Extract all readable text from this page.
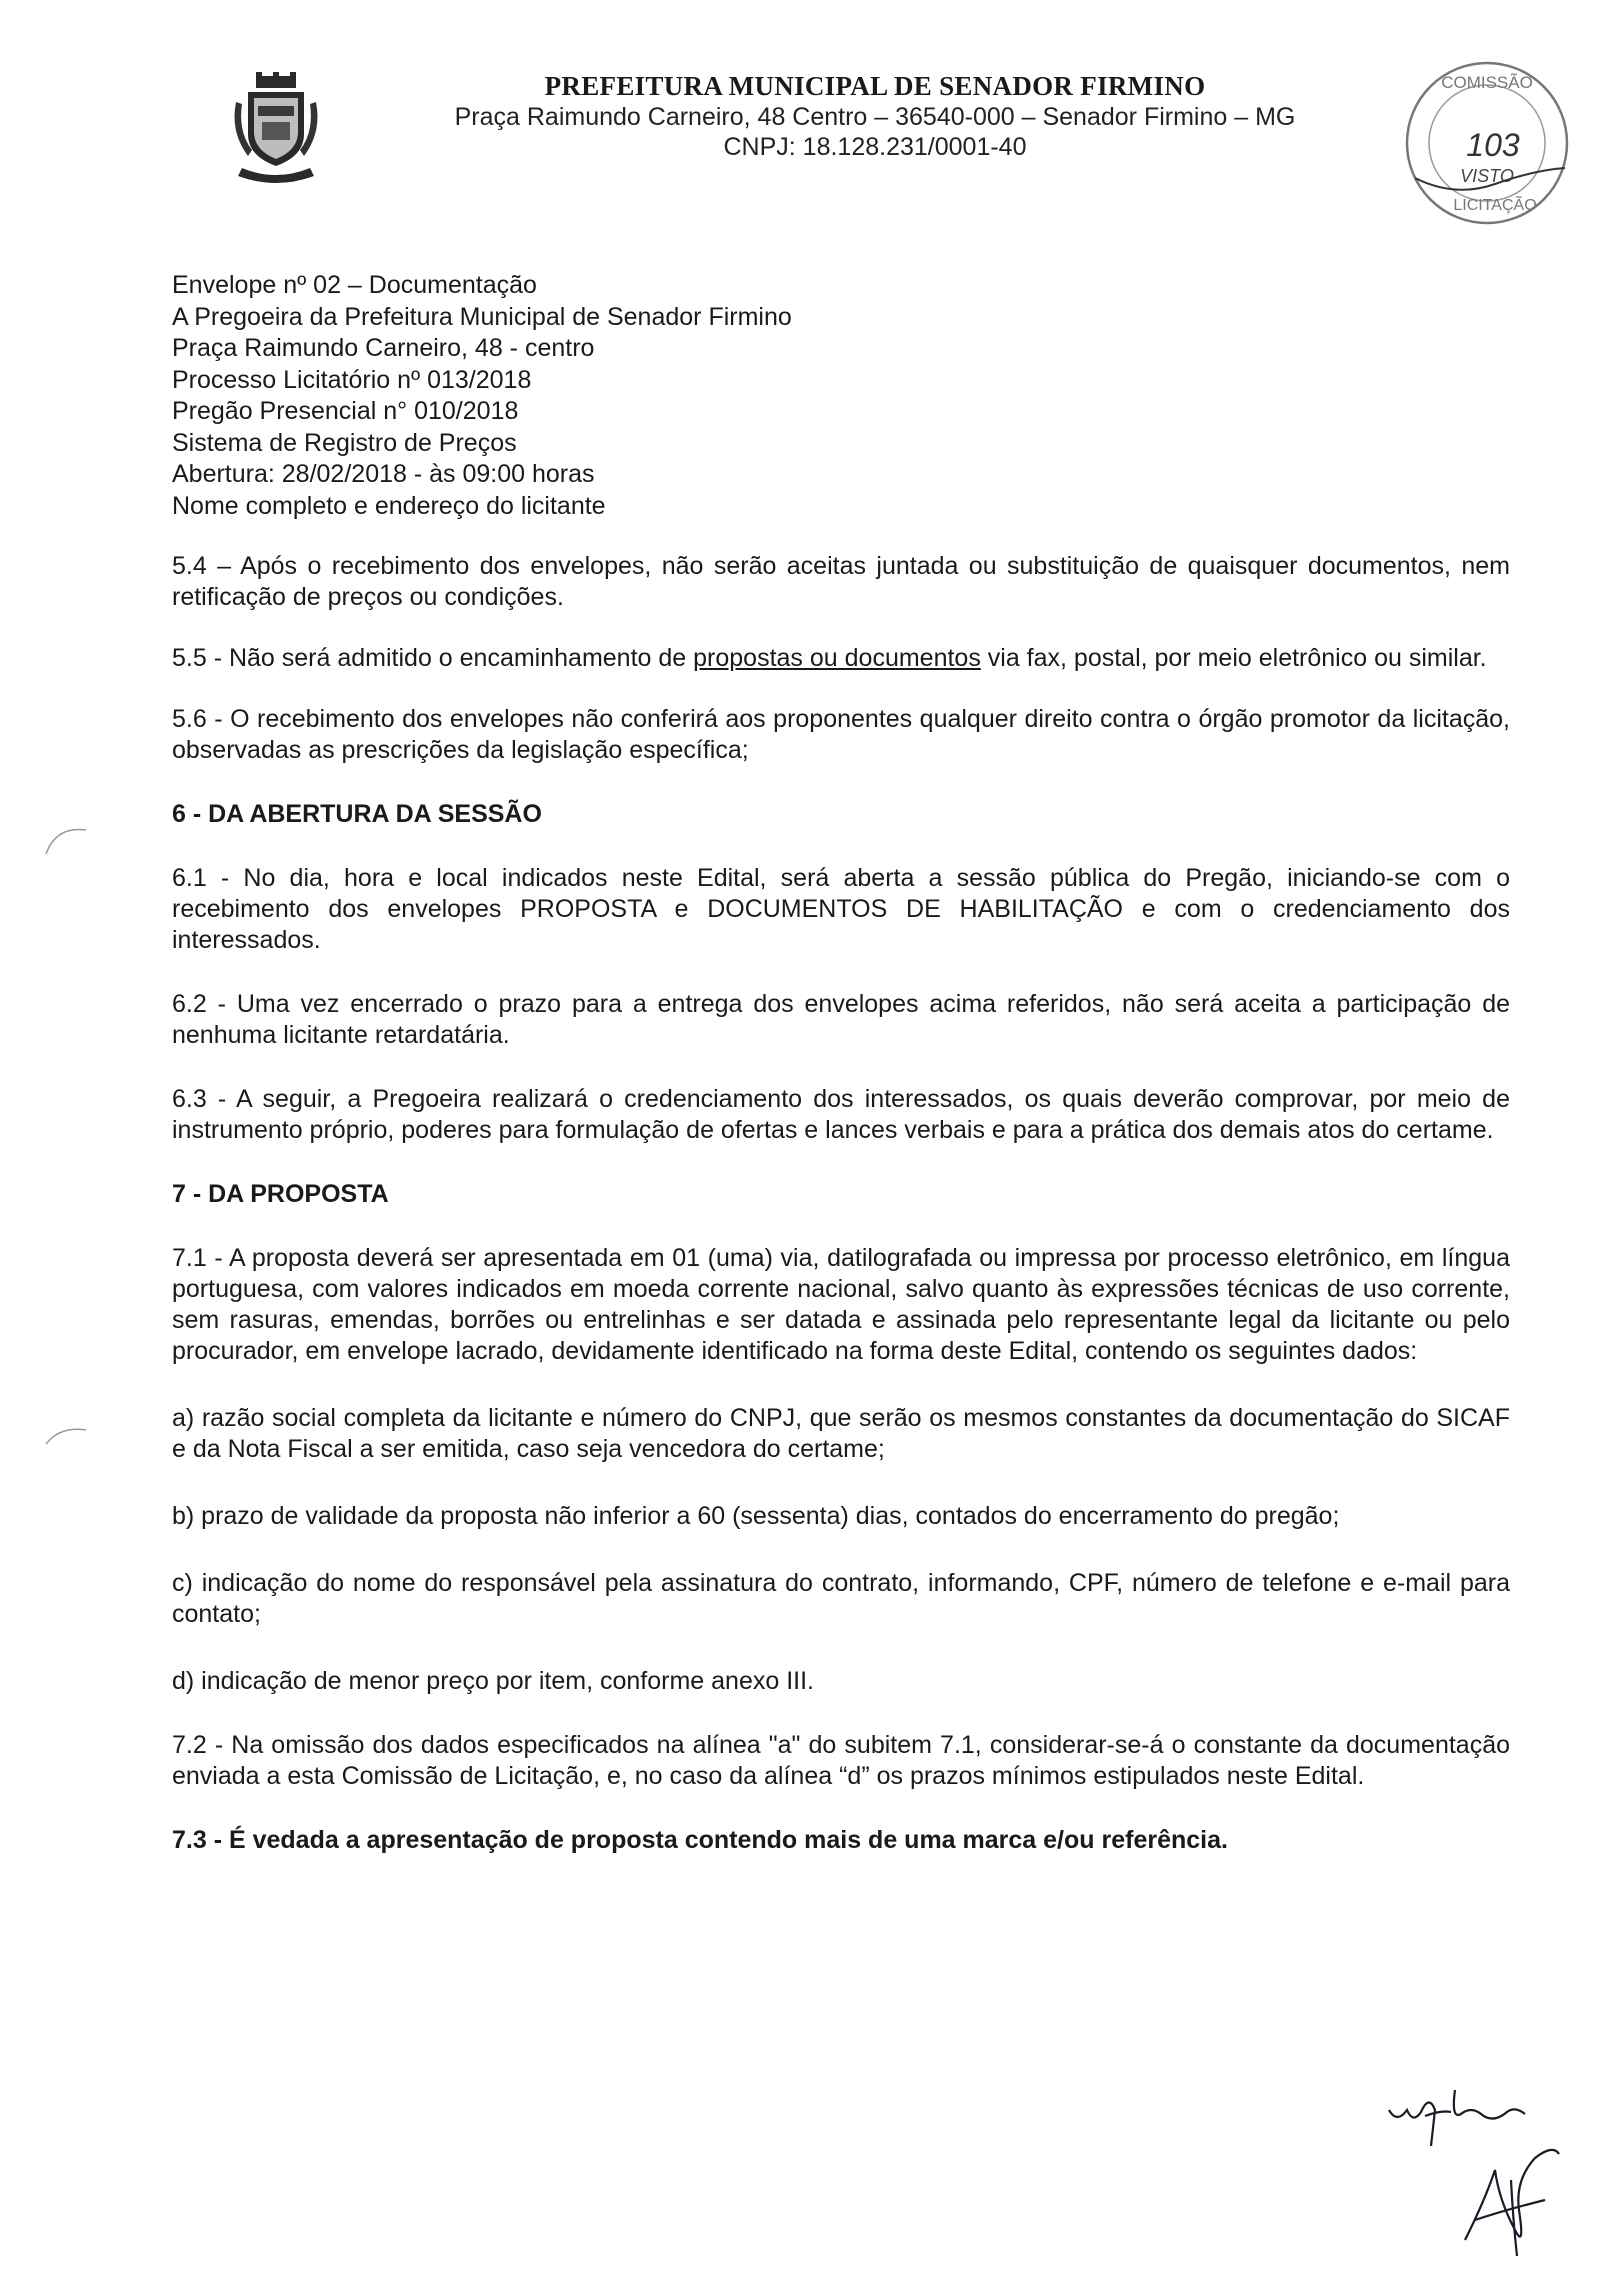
PREFEITURA MUNICIPAL DE SENADOR FIRMINO
Praça Raimundo Carneiro, 48 Centro – 36540-000 – Senador Firmino – MG
CNPJ: 18.128.231/0001-40
COMISSÃO
103
VISTO
LICITAÇÃO

Envelope nº 02 – Documentação

A Pregoeira da Prefeitura Municipal de Senador Firmino

Praça Raimundo Carneiro, 48 - centro

Processo Licitatório nº 013/2018

Pregão Presencial n° 010/2018

Sistema de Registro de Preços

Abertura: 28/02/2018 - às 09:00 horas

Nome completo e endereço do licitante

5.4 – Após o recebimento dos envelopes, não serão aceitas juntada ou substituição de quaisquer documentos, nem retificação de preços ou condições.

5.5 - Não será admitido o encaminhamento de propostas ou documentos via fax, postal, por meio eletrônico ou similar.

5.6 - O recebimento dos envelopes não conferirá aos proponentes qualquer direito contra o órgão promotor da licitação, observadas as prescrições da legislação específica;

6 - DA ABERTURA DA SESSÃO

6.1 - No dia, hora e local indicados neste Edital, será aberta a sessão pública do Pregão, iniciando-se com o recebimento dos envelopes PROPOSTA e DOCUMENTOS DE HABILITAÇÃO e com o credenciamento dos interessados.

6.2 - Uma vez encerrado o prazo para a entrega dos envelopes acima referidos, não será aceita a participação de nenhuma licitante retardatária.

6.3 - A seguir, a Pregoeira realizará o credenciamento dos interessados, os quais deverão comprovar, por meio de instrumento próprio, poderes para formulação de ofertas e lances verbais e para a prática dos demais atos do certame.

7 - DA PROPOSTA

7.1 - A proposta deverá ser apresentada em 01 (uma) via, datilografada ou impressa por processo eletrônico, em língua portuguesa, com valores indicados em moeda corrente nacional, salvo quanto às expressões técnicas de uso corrente, sem rasuras, emendas, borrões ou entrelinhas e ser datada e assinada pelo representante legal da licitante ou pelo procurador, em envelope lacrado, devidamente identificado na forma deste Edital, contendo os seguintes dados:

a) razão social completa da licitante e número do CNPJ, que serão os mesmos constantes da documentação do SICAF e da Nota Fiscal a ser emitida, caso seja vencedora do certame;

b) prazo de validade da proposta não inferior a 60 (sessenta) dias, contados do encerramento do pregão;

c) indicação do nome do responsável pela assinatura do contrato, informando, CPF, número de telefone e e-mail para contato;

d) indicação de menor preço por item, conforme anexo III.

7.2 - Na omissão dos dados especificados na alínea "a" do subitem 7.1, considerar-se-á o constante da documentação enviada a esta Comissão de Licitação, e, no caso da alínea “d” os prazos mínimos estipulados neste Edital.

7.3 - É vedada a apresentação de proposta contendo mais de uma marca e/ou referência.
